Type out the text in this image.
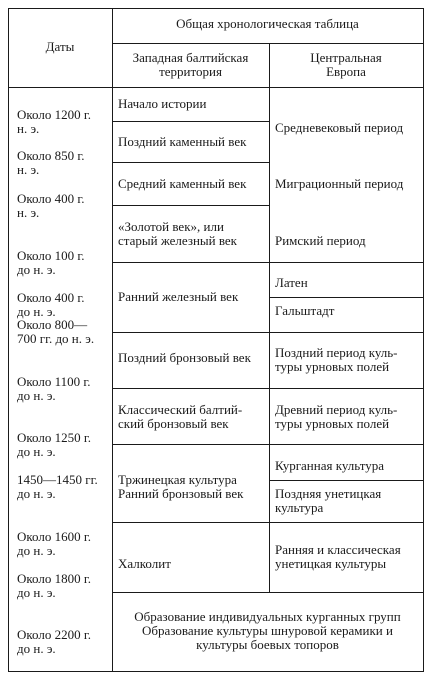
Даты
Общая хронологическая таблица
Западная балтийская
территория
Центральная
Европа
Около 1200 г.
н. э.
Около 850 г.
н. э.
Около 400 г.
н. э.
Около 100 г.
до н. э.
Около 400 г.
до н. э.
Около 800—
700 гг. до н. э.
Около 1100 г.
до н. э.
Около 1250 г.
до н. э.
1450—1450 гг.
до н. э.
Около 1600 г.
до н. э.
Около 1800 г.
до н. э.
Около 2200 г.
до н. э.
Начало истории
Поздний каменный век
Средний каменный век
«Золотой век», или
старый железный век
Ранний железный век
Поздний бронзовый век
Классический балтий-
ский бронзовый век
Тржинецкая культура
Ранний бронзовый век
Халколит
Средневековый период
Миграционный период
Римский период
Латен
Гальштадт
Поздний период куль-
туры урновых полей
Древний период куль-
туры урновых полей
Курганная культура
Поздняя унетицкая
культура
Ранняя и классическая
унетицкая культуры
Образование индивидуальных курганных групп
Образование культуры шнуровой керамики и
культуры боевых топоров
